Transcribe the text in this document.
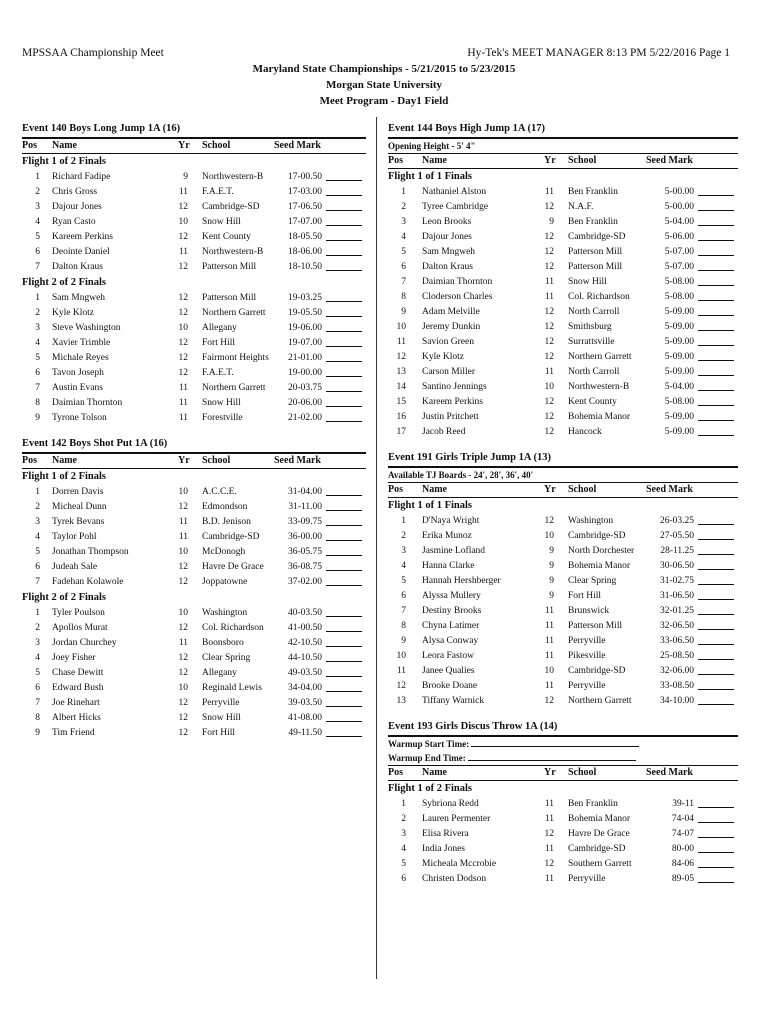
MPSSAA Championship Meet	Hy-Tek's MEET MANAGER 8:13 PM 5/22/2016 Page 1
Maryland State Championships - 5/21/2015 to 5/23/2015
Morgan State University
Meet Program - Day1 Field
Event 140 Boys Long Jump 1A (16)
Pos Name	Yr School	Seed Mark
Flight 1 of 2 Finals
1 Richard Fadipe	9 Northwestern-B	17-00.50
2 Chris Gross	11 F.A.E.T.	17-03.00
3 Dajour Jones	12 Cambridge-SD	17-06.50
4 Ryan Casto	10 Snow Hill	17-07.00
5 Kareem Perkins	12 Kent County	18-05.50
6 Deointe Daniel	11 Northwestern-B	18-06.00
7 Dalton Kraus	12 Patterson Mill	18-10.50
Flight 2 of 2 Finals
1 Sam Mngweh	12 Patterson Mill	19-03.25
2 Kyle Klotz	12 Northern Garrett	19-05.50
3 Steve Washington	10 Allegany	19-06.00
4 Xavier Trimble	12 Fort Hill	19-07.00
5 Michale Reyes	12 Fairmont Heights	21-01.00
6 Tavon Joseph	12 F.A.E.T.	19-00.00
7 Austin Evans	11 Northern Garrett	20-03.75
8 Daimian Thornton	11 Snow Hill	20-06.00
9 Tyrone Tolson	11 Forestville	21-02.00
Event 142 Boys Shot Put 1A (16)
Pos Name	Yr School	Seed Mark
Flight 1 of 2 Finals
1 Dorren Davis	10 A.C.C.E.	31-04.00
2 Micheal Dunn	12 Edmondson	31-11.00
3 Tyrek Bevans	11 B.D. Jenison	33-09.75
4 Taylor Pohl	11 Cambridge-SD	36-00.00
5 Jonathan Thompson	10 McDonogh	36-05.75
6 Judeah Sale	12 Havre De Grace	36-08.75
7 Fadehan Kolawole	12 Joppatowne	37-02.00
Flight 2 of 2 Finals
1 Tyler Poulson	10 Washington	40-03.50
2 Apollos Murat	12 Col. Richardson	41-00.50
3 Jordan Churchey	11 Boonsboro	42-10.50
4 Joey Fisher	12 Clear Spring	44-10.50
5 Chase Dewitt	12 Allegany	49-03.50
6 Edward Bush	10 Reginald Lewis	34-04.00
7 Joe Rinehart	12 Perryville	39-03.50
8 Albert Hicks	12 Snow Hill	41-08.00
9 Tim Friend	12 Fort Hill	49-11.50
Event 144 Boys High Jump 1A (17)
Opening Height - 5' 4"
Pos Name	Yr School	Seed Mark
Flight 1 of 1 Finals
1 Nathaniel Alston	11 Ben Franklin	5-00.00
2 Tyree Cambridge	12 N.A.F.	5-00.00
3 Leon Brooks	9 Ben Franklin	5-04.00
4 Dajour Jones	12 Cambridge-SD	5-06.00
5 Sam Mngweh	12 Patterson Mill	5-07.00
6 Dalton Kraus	12 Patterson Mill	5-07.00
7 Daimian Thornton	11 Snow Hill	5-08.00
8 Cloderson Charles	11 Col. Richardson	5-08.00
9 Adam Melville	12 North Carroll	5-09.00
10 Jeremy Dunkin	12 Smithsburg	5-09.00
11 Savion Green	12 Surrattsville	5-09.00
12 Kyle Klotz	12 Northern Garrett	5-09.00
13 Carson Miller	11 North Carroll	5-09.00
14 Santino Jennings	10 Northwestern-B	5-04.00
15 Kareem Perkins	12 Kent County	5-08.00
16 Justin Pritchett	12 Bohemia Manor	5-09.00
17 Jacob Reed	12 Hancock	5-09.00
Event 191 Girls Triple Jump 1A (13)
Available TJ Boards - 24', 28', 36', 40'
Pos Name	Yr School	Seed Mark
Flight 1 of 1 Finals
1 D'Naya Wright	12 Washington	26-03.25
2 Erika Munoz	10 Cambridge-SD	27-05.50
3 Jasmine Lofland	9 North Dorchester	28-11.25
4 Hanna Clarke	9 Bohemia Manor	30-06.50
5 Hannah Hershberger	9 Clear Spring	31-02.75
6 Alyssa Mullery	9 Fort Hill	31-06.50
7 Destiny Brooks	11 Brunswick	32-01.25
8 Chyna Latimer	11 Patterson Mill	32-06.50
9 Alysa Conway	11 Perryville	33-06.50
10 Leora Fastow	11 Pikesville	25-08.50
11 Janee Qualies	10 Cambridge-SD	32-06.00
12 Brooke Doane	11 Perryville	33-08.50
13 Tiffany Warnick	12 Northern Garrett	34-10.00
Event 193 Girls Discus Throw 1A (14)
Warmup Start Time:
Warmup End Time:
Pos Name	Yr School	Seed Mark
Flight 1 of 2 Finals
1 Sybriona Redd	11 Ben Franklin	39-11
2 Lauren Permenter	11 Bohemia Manor	74-04
3 Elisa Rivera	12 Havre De Grace	74-07
4 India Jones	11 Cambridge-SD	80-00
5 Micheala Mccrobie	12 Southern Garrett	84-06
6 Christen Dodson	11 Perryville	89-05
